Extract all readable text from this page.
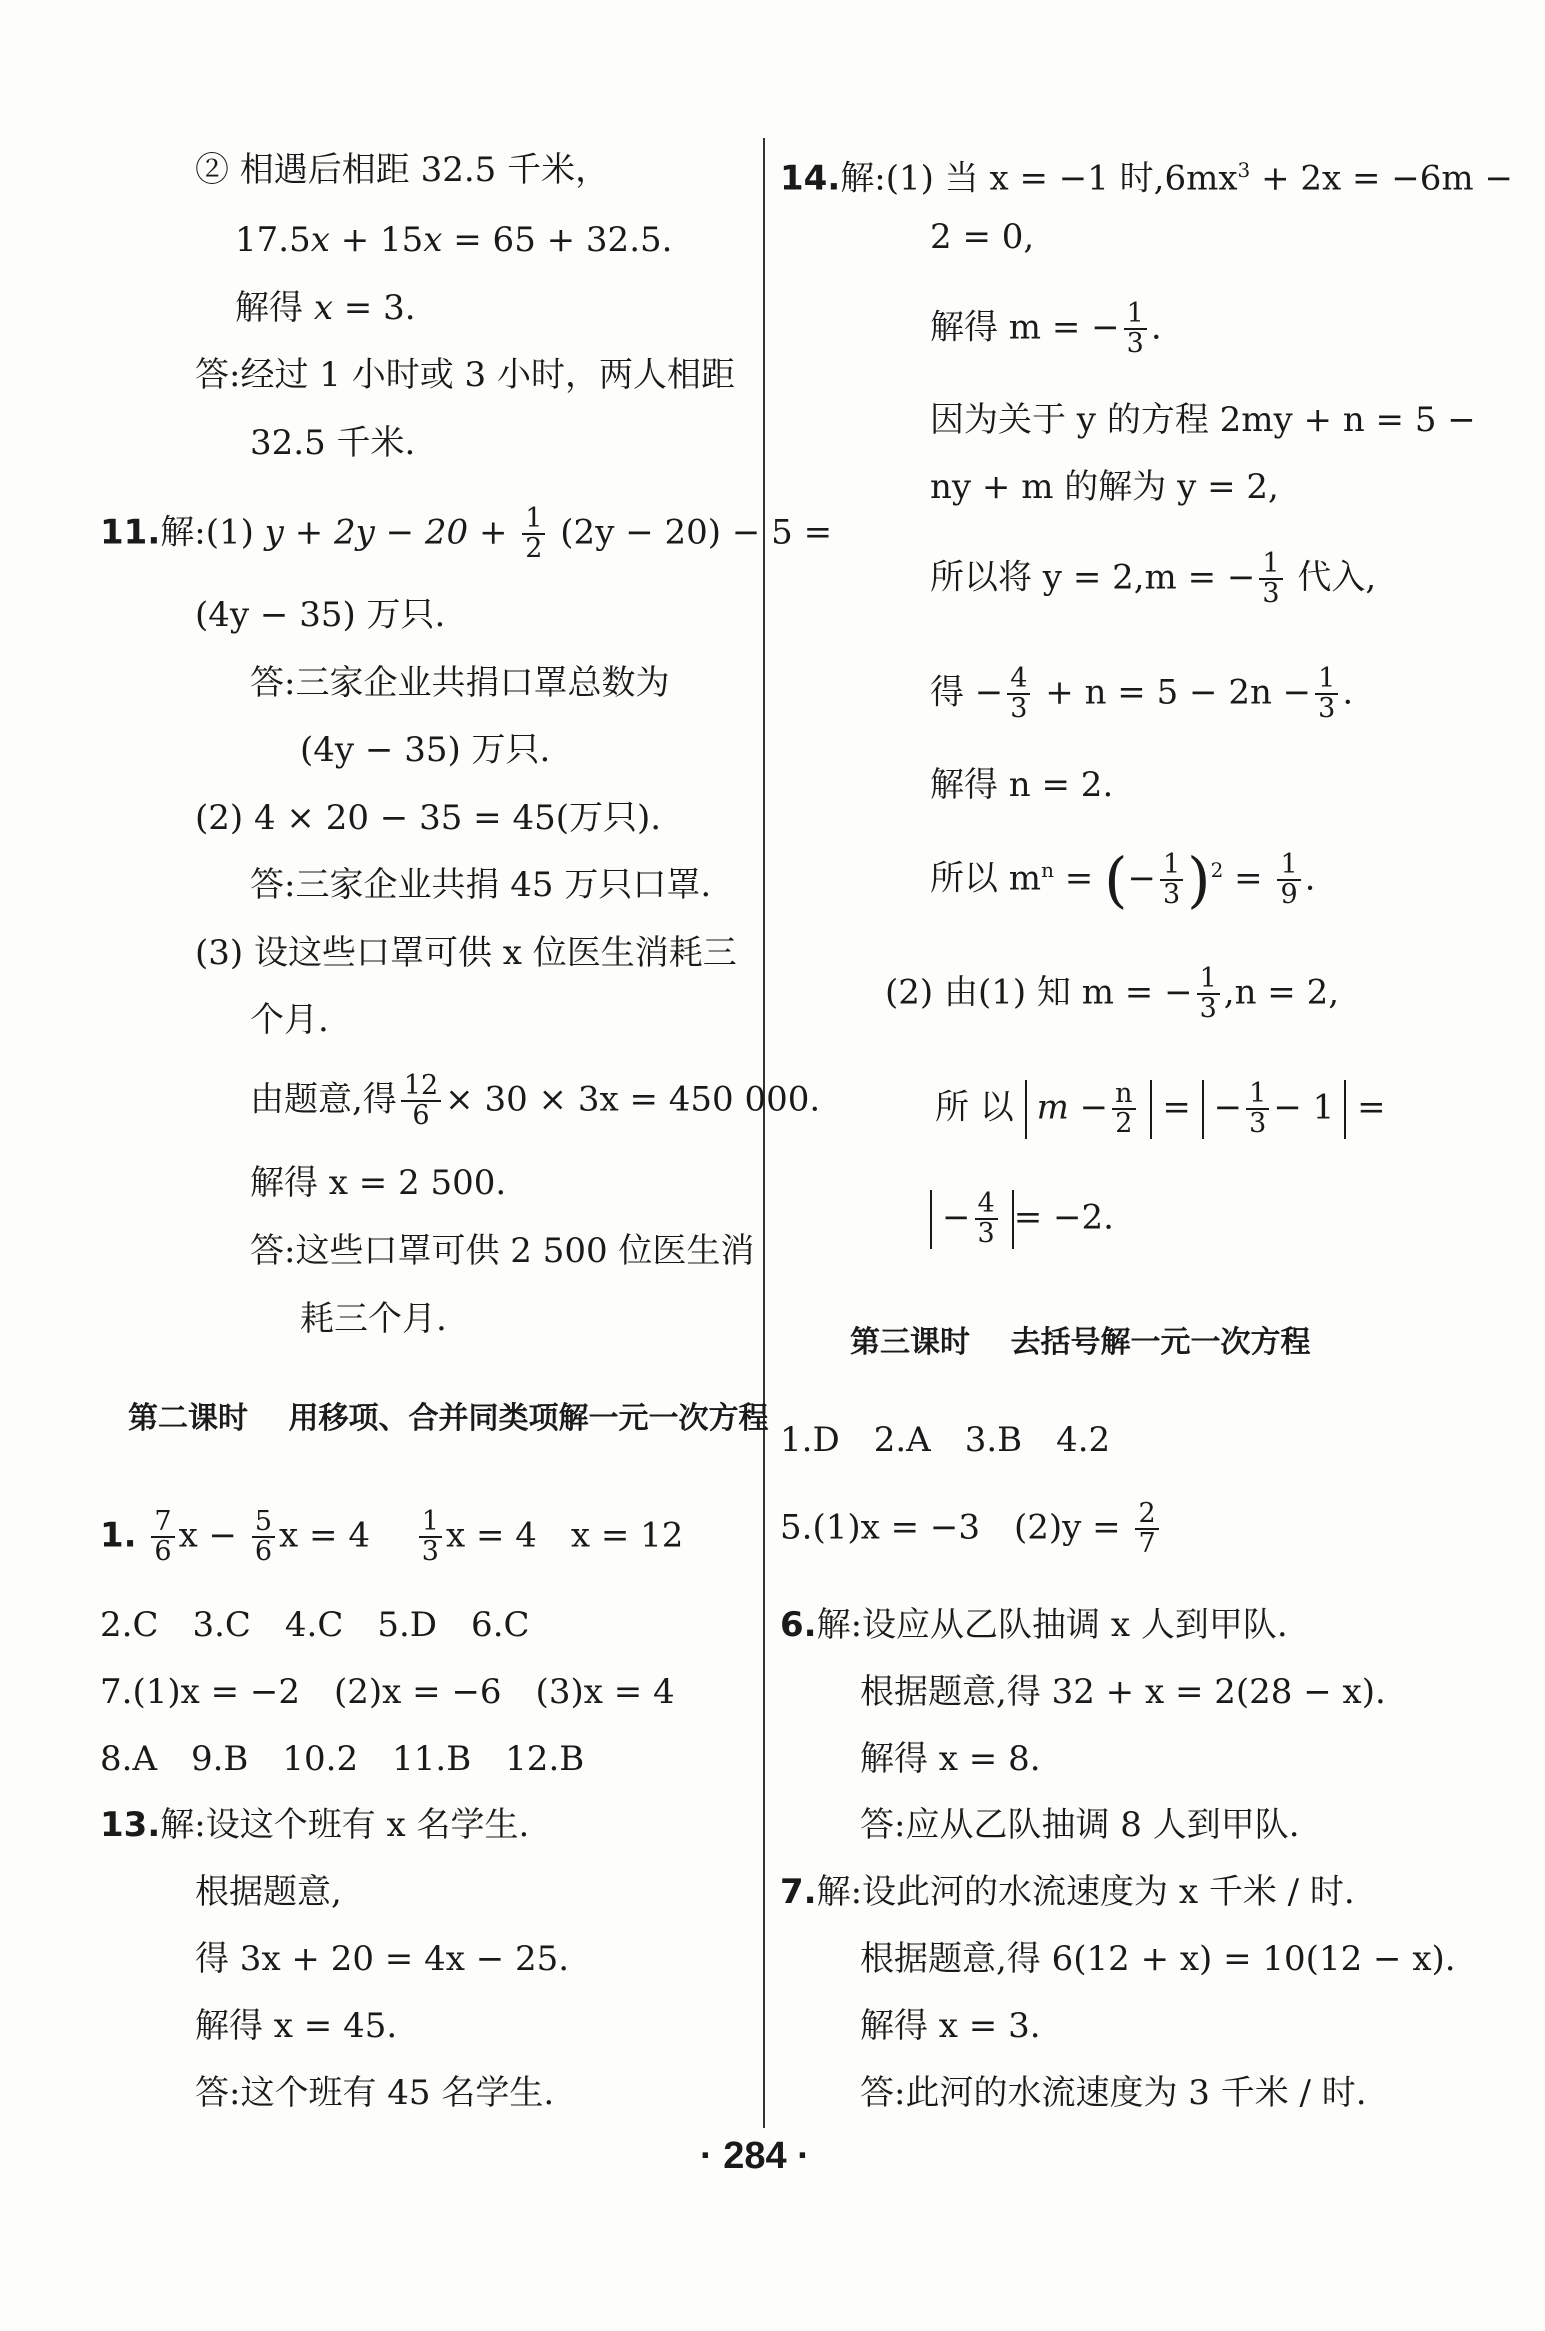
② 相遇后相距 32.5 千米，
17.5x + 15x = 65 + 32.5.
解得 x = 3.
答:经过 1 小时或 3 小时，两人相距
32.5 千米.
11.解:(1) $y + 2y - 20 + \frac{1}{2} (2y - 20) - 5$ =
(4y − 35) 万只.
答:三家企业共捐口罩总数为
(4y − 35) 万只.
(2) 4 × 20 − 35 = 45(万只).
答:三家企业共捐 45 万只口罩.
(3) 设这些口罩可供 x 位医生消耗三
个月.
由题意,得 $\frac{12}{6} \times 30 \times 3x = 450$ 000.
解得 x = 2 500.
答:这些口罩可供 2 500 位医生消
耗三个月.
第二课时　 用移项、合并同类项解一元一次方程
1. $\frac{7}{6}$ $x - \frac{5}{6}$ x = 4　 $\frac{1}{3}$ x = 4　x = 12
2.C　3.C　4.C　5.D　6.C
7.(1)x = −2　(2)x = −6　(3)x = 4
8.A　9.B　10.2　11.B　12.B
13.解:设这个班有 x 名学生.
根据题意,
得 3x + 20 = 4x − 25.
解得 x = 45.
答:这个班有 45 名学生.
14.解:(1) 当 x = −1 时$,6mx^3 + 2x = -6m$ −
2 = 0,
解得 m = − $\frac{1}{3}$ .
因为关于 y 的方程 2my + n = 5 −
ny + m 的解为 y = 2,
所以将 y = 2,m = − $\frac{1}{3}$ 代入,
得 − $\frac{4}{3} + n = 5 - 2n - \frac{1}{3}$ .
解得 n = 2.
所以 $m^n$ = (− $\frac{1}{3} )^2 = \frac{1}{9}$ .
(2) 由(1) 知 m = − $\frac{1}{3} ,n = 2$,
所 以 $m - \frac{n}{2}$ = − $\frac{1}{3} - 1$ =
− $\frac{4}{3} = -2$.
第三课时　 去括号解一元一次方程
1.D　2.A　3.B　4.2
5.(1)x = −3　$(2)y = \frac{2}{7}$
6.解:设应从乙队抽调 x 人到甲队.
根据题意,得 32 + x = 2(28 − x).
解得 x = 8.
答:应从乙队抽调 8 人到甲队.
7.解:设此河的水流速度为 x 千米 / 时.
根据题意,得 6(12 + x) = 10(12 − x).
解得 x = 3.
答:此河的水流速度为 3 千米 / 时.
· 284 ·
